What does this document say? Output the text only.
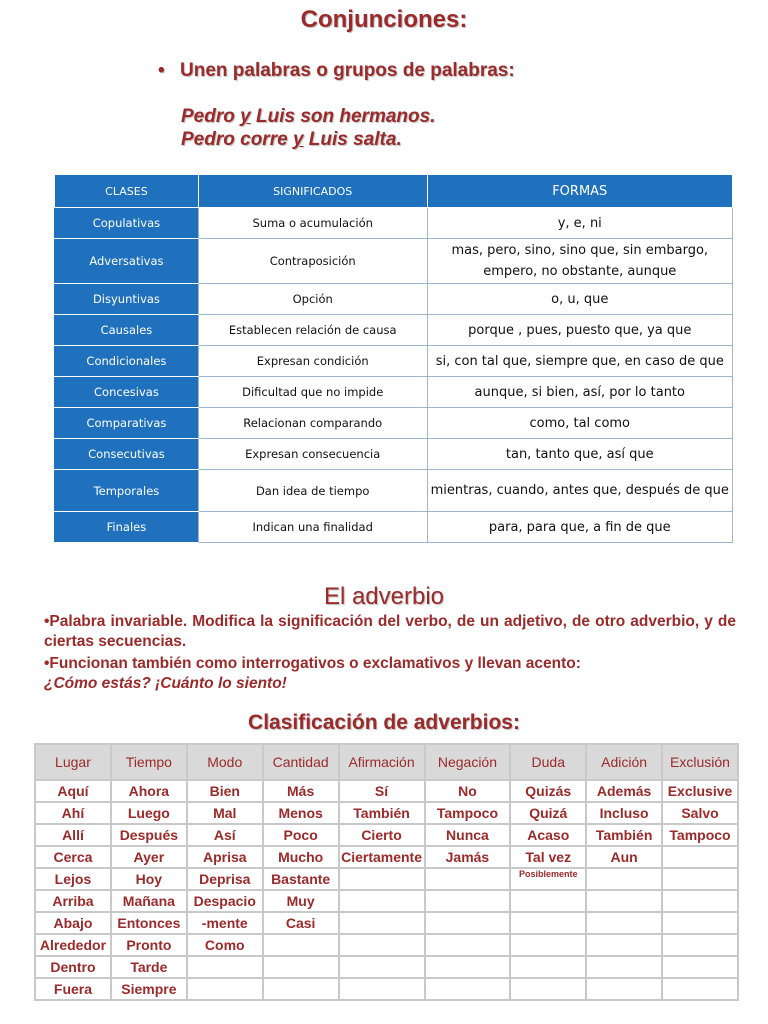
Conjunciones:
• Unen palabras o grupos de palabras:
Pedro y Luis son hermanos.
Pedro corre y Luis salta.
CLASES	SIGNIFICADOS	FORMAS
Copulativas	Suma o acumulación	y, e, ni
Adversativas	Contraposición	mas, pero, sino, sino que, sin embargo, empero, no obstante, aunque
Disyuntivas	Opción	o, u, que
Causales	Establecen relación de causa	porque , pues, puesto que, ya que
Condicionales	Expresan condición	si, con tal que, siempre que, en caso de que
Concesivas	Dificultad que no impide	aunque, si bien, así, por lo tanto
Comparativas	Relacionan comparando	como, tal como
Consecutivas	Expresan consecuencia	tan, tanto que, así que
Temporales	Dan idea de tiempo	mientras, cuando, antes que, después de que
Finales	Indican una finalidad	para, para que, a fin de que
El adverbio
•Palabra invariable. Modifica la significación del verbo, de un adjetivo, de otro adverbio, y de ciertas secuencias.
•Funcionan también como interrogativos o exclamativos y llevan acento:
¿Cómo estás? ¡Cuánto lo siento!
Clasificación de adverbios:
Lugar	Tiempo	Modo	Cantidad	Afirmación	Negación	Duda	Adición	Exclusión
Aquí	Ahora	Bien	Más	Sí	No	Quizás	Además	Exclusive
Ahí	Luego	Mal	Menos	También	Tampoco	Quizá	Incluso	Salvo
Allí	Después	Así	Poco	Cierto	Nunca	Acaso	También	Tampoco
Cerca	Ayer	Aprisa	Mucho	Ciertamente	Jamás	Tal vez	Aun	
Lejos	Hoy	Deprisa	Bastante			Posiblemente		
Arriba	Mañana	Despacio	Muy					
Abajo	Entonces	-mente	Casi					
Alrededor	Pronto	Como						
Dentro	Tarde							
Fuera	Siempre							
